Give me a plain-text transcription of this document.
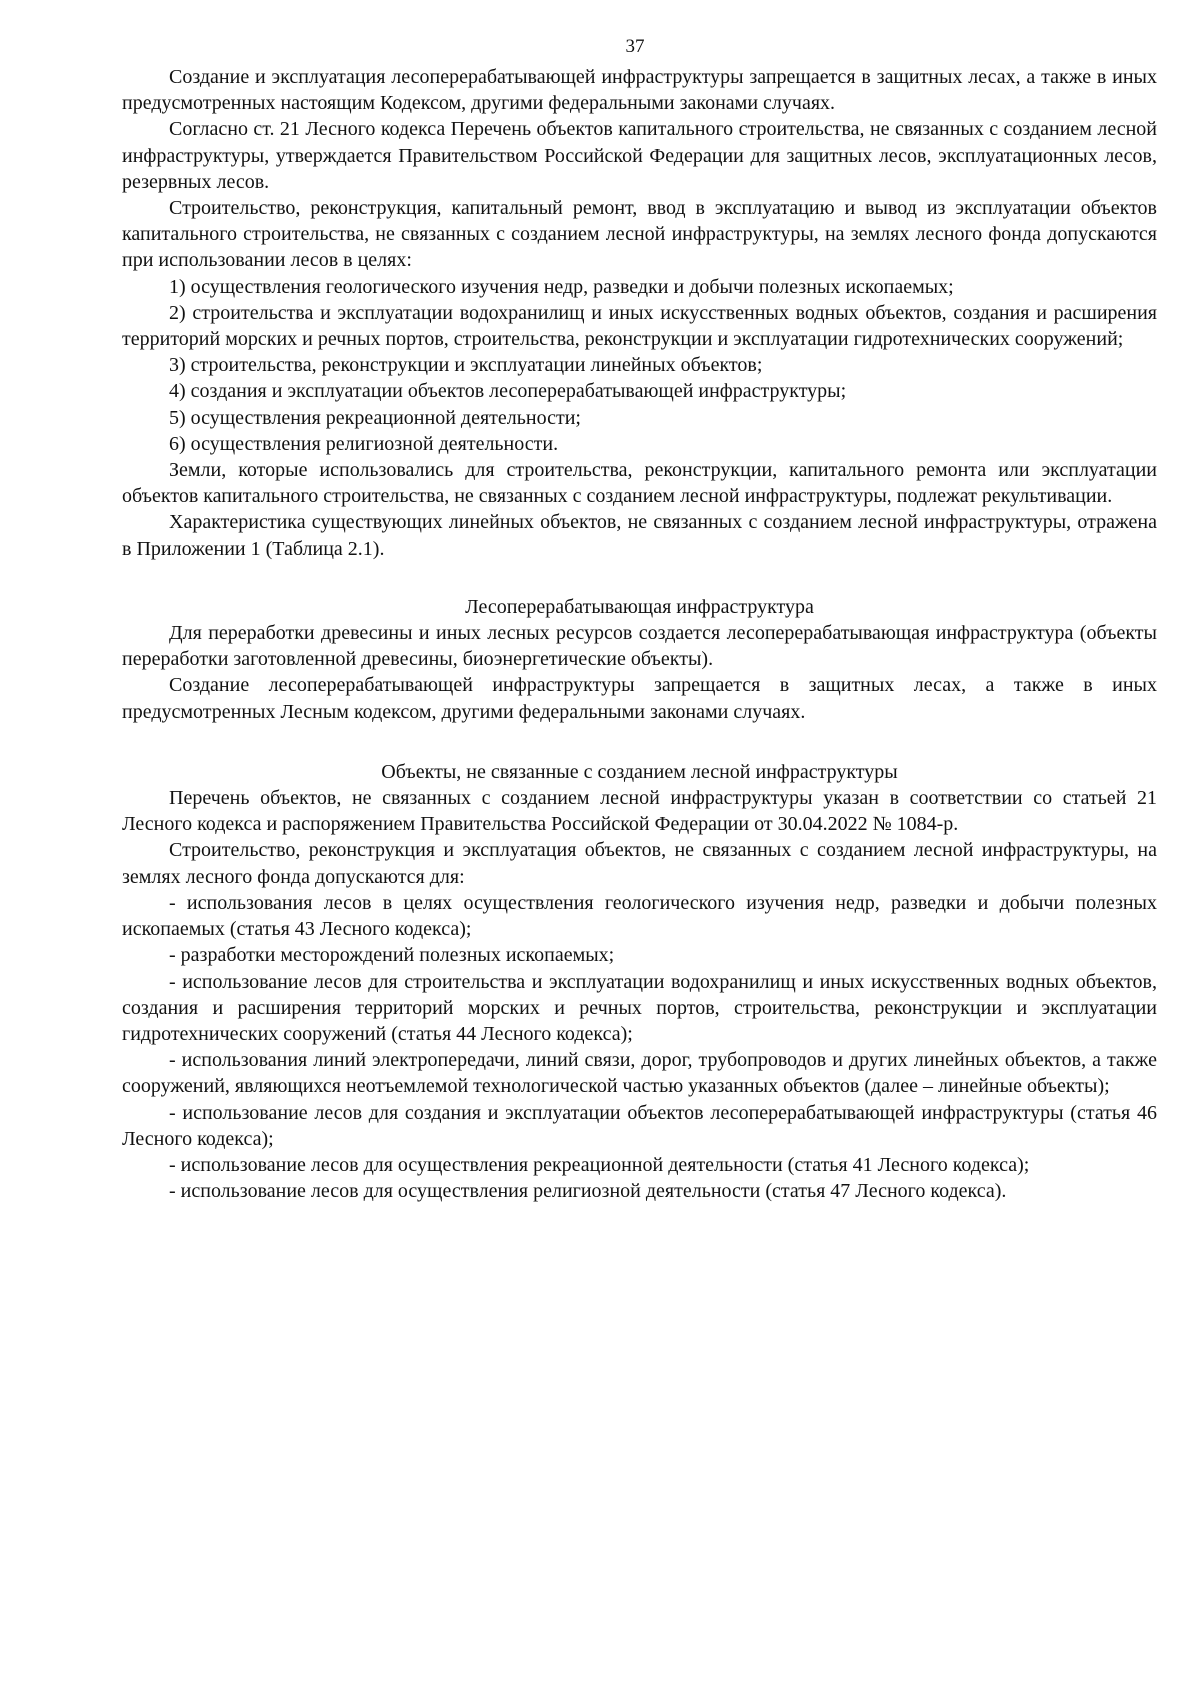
37

Создание и эксплуатация лесоперерабатывающей инфраструктуры запрещается в защитных лесах, а также в иных предусмотренных настоящим Кодексом, другими федеральными законами случаях.

Согласно ст. 21 Лесного кодекса Перечень объектов капитального строительства, не связанных с созданием лесной инфраструктуры, утверждается Правительством Российской Федерации для защитных лесов, эксплуатационных лесов, резервных лесов.

Строительство, реконструкция, капитальный ремонт, ввод в эксплуатацию и вывод из эксплуатации объектов капитального строительства, не связанных с созданием лесной инфраструктуры, на землях лесного фонда допускаются при использовании лесов в целях:

1) осуществления геологического изучения недр, разведки и добычи полезных ископаемых;

2) строительства и эксплуатации водохранилищ и иных искусственных водных объектов, создания и расширения территорий морских и речных портов, строительства, реконструкции и эксплуатации гидротехнических сооружений;

3) строительства, реконструкции и эксплуатации линейных объектов;

4) создания и эксплуатации объектов лесоперерабатывающей инфраструктуры;

5) осуществления рекреационной деятельности;

6) осуществления религиозной деятельности.

Земли, которые использовались для строительства, реконструкции, капитального ремонта или эксплуатации объектов капитального строительства, не связанных с созданием лесной инфраструктуры, подлежат рекультивации.

Характеристика существующих линейных объектов, не связанных с созданием лесной инфраструктуры, отражена в Приложении 1 (Таблица 2.1).

Лесоперерабатывающая инфраструктура

Для переработки древесины и иных лесных ресурсов создается лесоперерабатывающая инфраструктура (объекты переработки заготовленной древесины, биоэнергетические объекты).

Создание лесоперерабатывающей инфраструктуры запрещается в защитных лесах, а также в иных предусмотренных Лесным кодексом, другими федеральными законами случаях.

Объекты, не связанные с созданием лесной инфраструктуры

Перечень объектов, не связанных с созданием лесной инфраструктуры указан в соответствии со статьей 21 Лесного кодекса и распоряжением Правительства Российской Федерации от 30.04.2022 № 1084-р.

Строительство, реконструкция и эксплуатация объектов, не связанных с созданием лесной инфраструктуры, на землях лесного фонда допускаются для:

- использования лесов в целях осуществления геологического изучения недр, разведки и добычи полезных ископаемых (статья 43 Лесного кодекса);

- разработки месторождений полезных ископаемых;

- использование лесов для строительства и эксплуатации водохранилищ и иных искусственных водных объектов, создания и расширения территорий морских и речных портов, строительства, реконструкции и эксплуатации гидротехнических сооружений (статья 44 Лесного кодекса);

- использования линий электропередачи, линий связи, дорог, трубопроводов и других линейных объектов, а также сооружений, являющихся неотъемлемой технологической частью указанных объектов (далее – линейные объекты);

- использование лесов для создания и эксплуатации объектов лесоперерабатывающей инфраструктуры (статья 46 Лесного кодекса);

- использование лесов для осуществления рекреационной деятельности (статья 41 Лесного кодекса);

- использование лесов для осуществления религиозной деятельности (статья 47 Лесного кодекса).
